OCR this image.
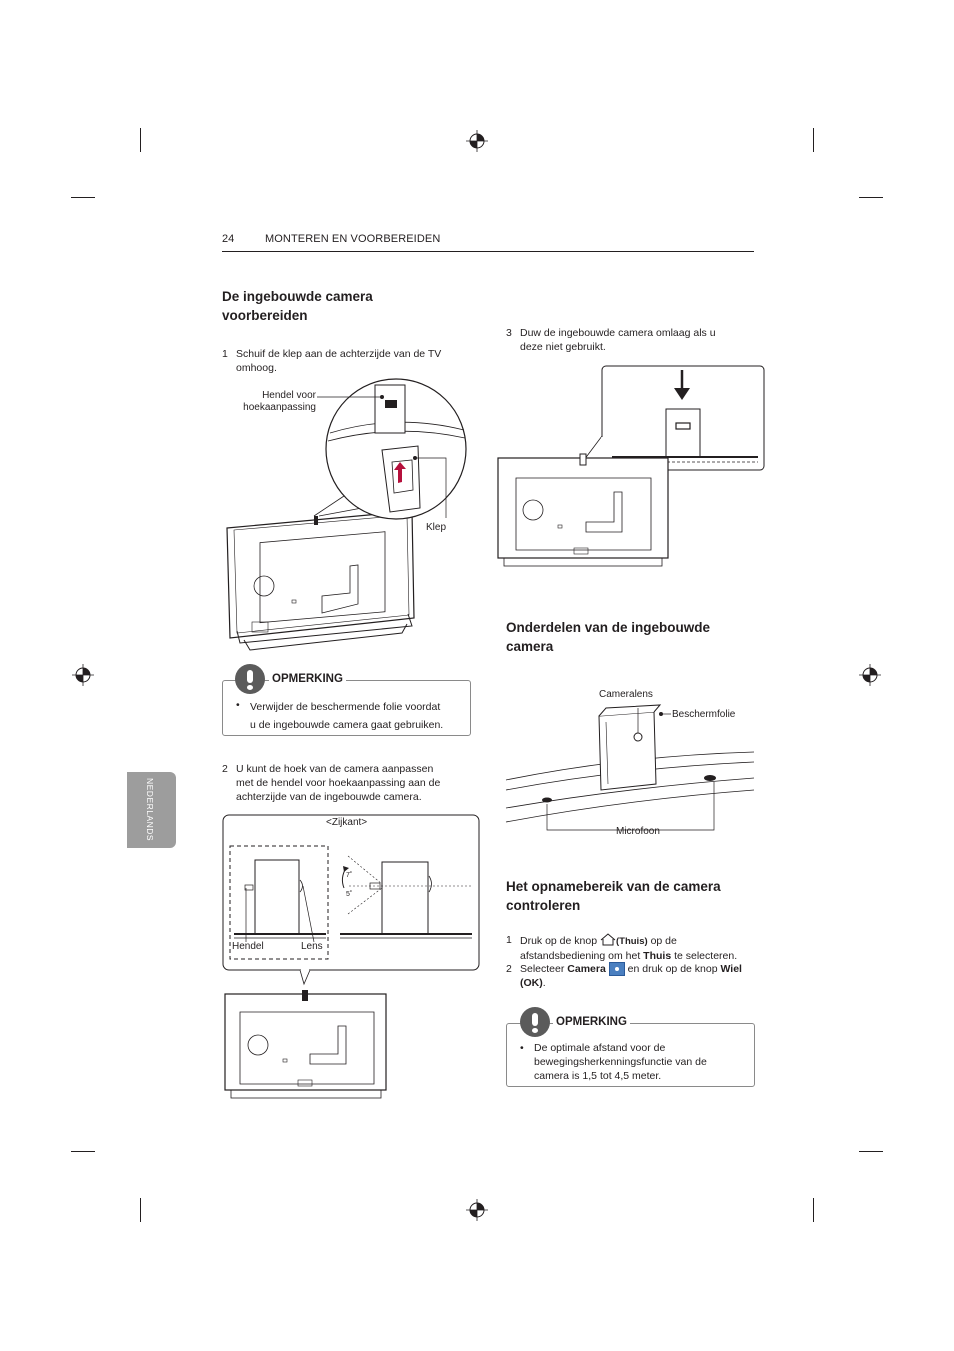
24	MONTEREN EN VOORBEREIDEN
NEDERLANDS
De ingebouwde camera
voorbereiden
1 Schuif de klep aan de achterzijde van de TV
omhoog.
Hendel voor
hoekaanpassing
Klep
OPMERKING
• Verwijder de beschermende folie voordat
u de ingebouwde camera gaat gebruiken.
2 U kunt de hoek van de camera aanpassen
met de hendel voor hoekaanpassing aan de
achterzijde van de ingebouwde camera.
<Zijkant>
Hendel	Lens
7˚
5˚
3 Duw de ingebouwde camera omlaag als u
deze niet gebruikt.
Onderdelen van de ingebouwde
camera
Cameralens
Beschermfolie
Microfoon
Het opnamebereik van de camera
controleren
1 Druk op de knop (Thuis) op de
afstandsbediening om het Thuis te selecteren.
2 Selecteer Camera  en druk op de knop Wiel
(OK).
OPMERKING
• De optimale afstand voor de
bewegingsherkenningsfunctie van de
camera is 1,5 tot 4,5 meter.
